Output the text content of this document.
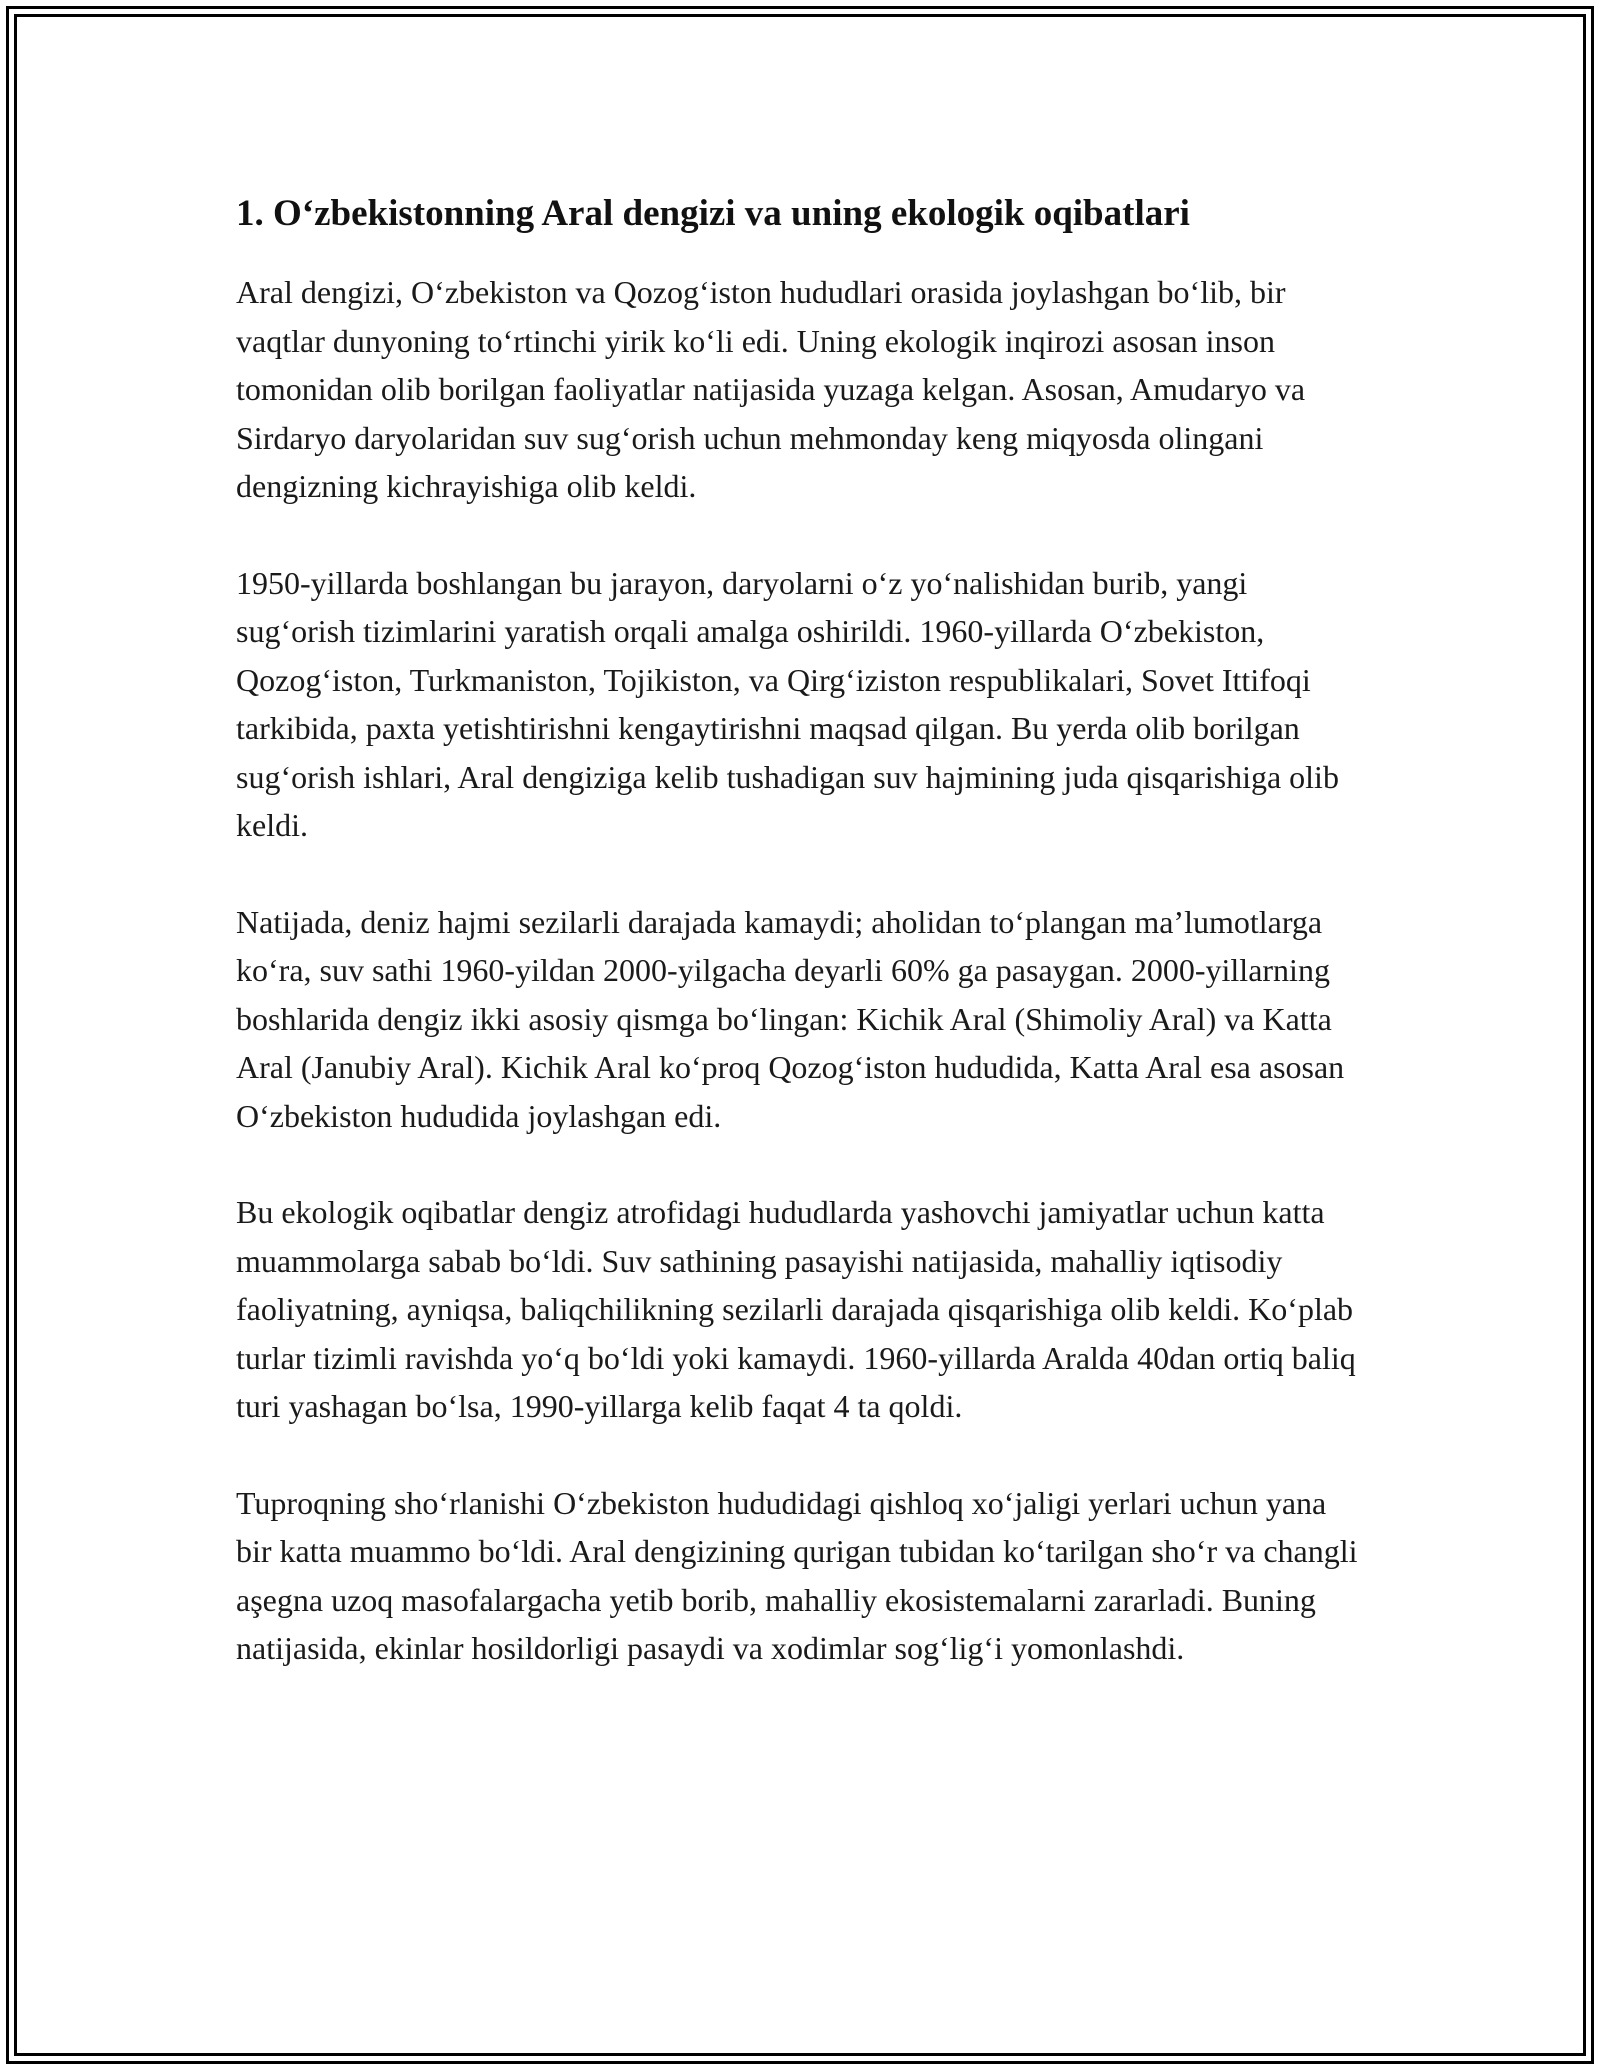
1. O‘zbekistonning Aral dengizi va uning ekologik oqibatlari

Aral dengizi, O‘zbekiston va Qozog‘iston hududlari orasida joylashgan bo‘lib, bir vaqtlar dunyoning to‘rtinchi yirik ko‘li edi. Uning ekologik inqirozi asosan inson tomonidan olib borilgan faoliyatlar natijasida yuzaga kelgan. Asosan, Amudaryo va Sirdaryo daryolaridan suv sug‘orish uchun mehmonday keng miqyosda olingani dengizning kichrayishiga olib keldi.

1950-yillarda boshlangan bu jarayon, daryolarni o‘z yo‘nalishidan burib, yangi sug‘orish tizimlarini yaratish orqali amalga oshirildi. 1960-yillarda O‘zbekiston, Qozog‘iston, Turkmaniston, Tojikiston, va Qirg‘iziston respublikalari, Sovet Ittifoqi tarkibida, paxta yetishtirishni kengaytirishni maqsad qilgan. Bu yerda olib borilgan sug‘orish ishlari, Aral dengiziga kelib tushadigan suv hajmining juda qisqarishiga olib keldi.

Natijada, deniz hajmi sezilarli darajada kamaydi; aholidan to‘plangan ma’lumotlarga ko‘ra, suv sathi 1960-yildan 2000-yilgacha deyarli 60% ga pasaygan. 2000-yillarning boshlarida dengiz ikki asosiy qismga bo‘lingan: Kichik Aral (Shimoliy Aral) va Katta Aral (Janubiy Aral). Kichik Aral ko‘proq Qozog‘iston hududida, Katta Aral esa asosan O‘zbekiston hududida joylashgan edi.

Bu ekologik oqibatlar dengiz atrofidagi hududlarda yashovchi jamiyatlar uchun katta muammolarga sabab bo‘ldi. Suv sathining pasayishi natijasida, mahalliy iqtisodiy faoliyatning, ayniqsa, baliqchilikning sezilarli darajada qisqarishiga olib keldi. Ko‘plab turlar tizimli ravishda yo‘q bo‘ldi yoki kamaydi. 1960-yillarda Aralda 40dan ortiq baliq turi yashagan bo‘lsa, 1990-yillarga kelib faqat 4 ta qoldi.

Tuproqning sho‘rlanishi O‘zbekiston hududidagi qishloq xo‘jaligi yerlari uchun yana bir katta muammo bo‘ldi. Aral dengizining qurigan tubidan ko‘tarilgan sho‘r va changli aşegna uzoq masofalargacha yetib borib, mahalliy ekosistemalarni zararladi. Buning natijasida, ekinlar hosildorligi pasaydi va xodimlar sog‘lig‘i yomonlashdi.
